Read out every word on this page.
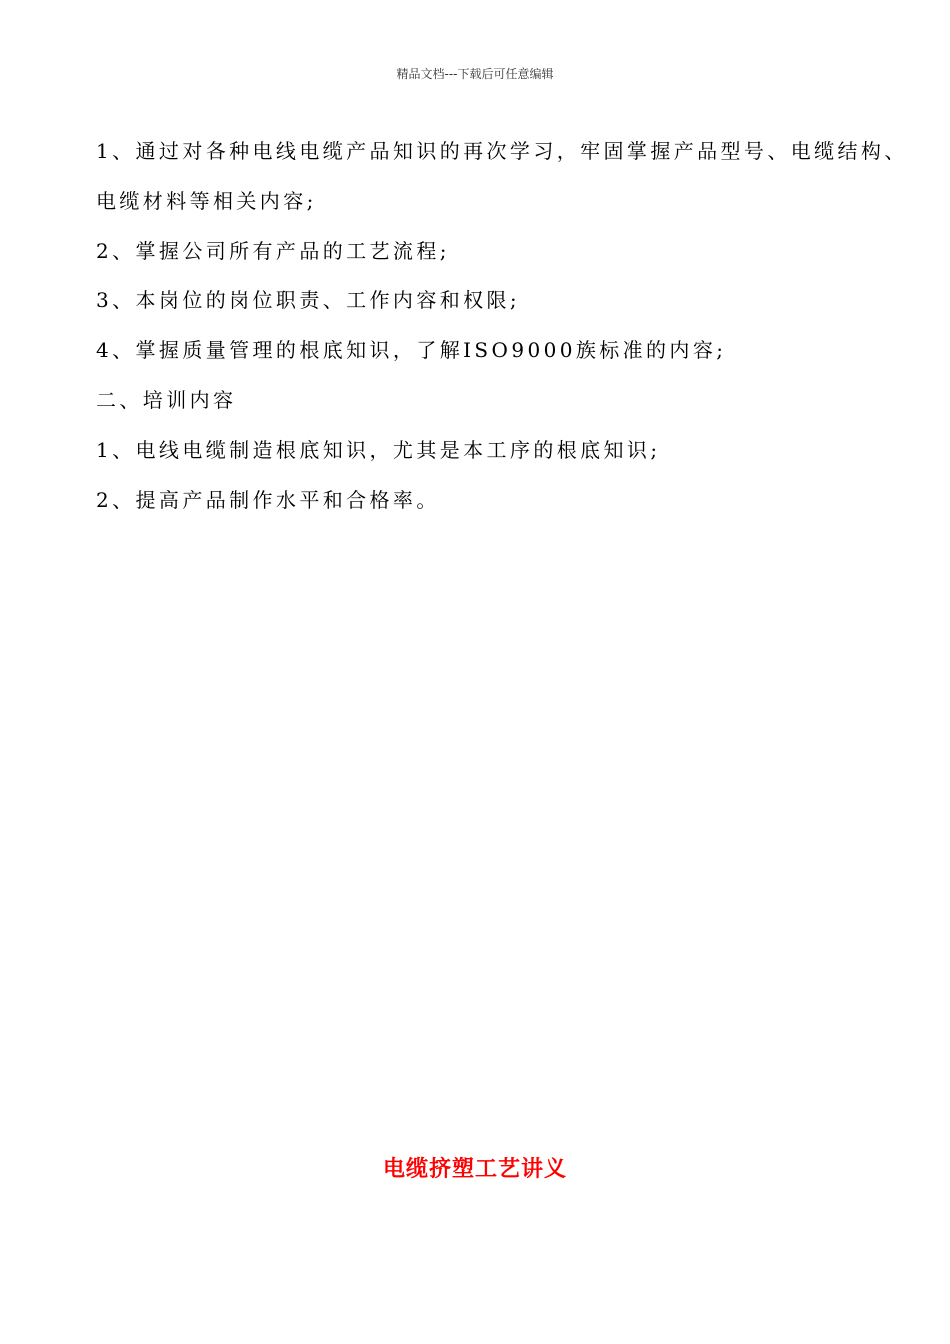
精品文档---下载后可任意编辑
1、通过对各种电线电缆产品知识的再次学习，牢固掌握产品型号、电缆结构、
电缆材料等相关内容;
2、掌握公司所有产品的工艺流程;
3、本岗位的岗位职责、工作内容和权限;
4、掌握质量管理的根底知识，了解ISO9000族标准的内容;
二、培训内容
1、电线电缆制造根底知识，尤其是本工序的根底知识;
2、提高产品制作水平和合格率。
电缆挤塑工艺讲义
